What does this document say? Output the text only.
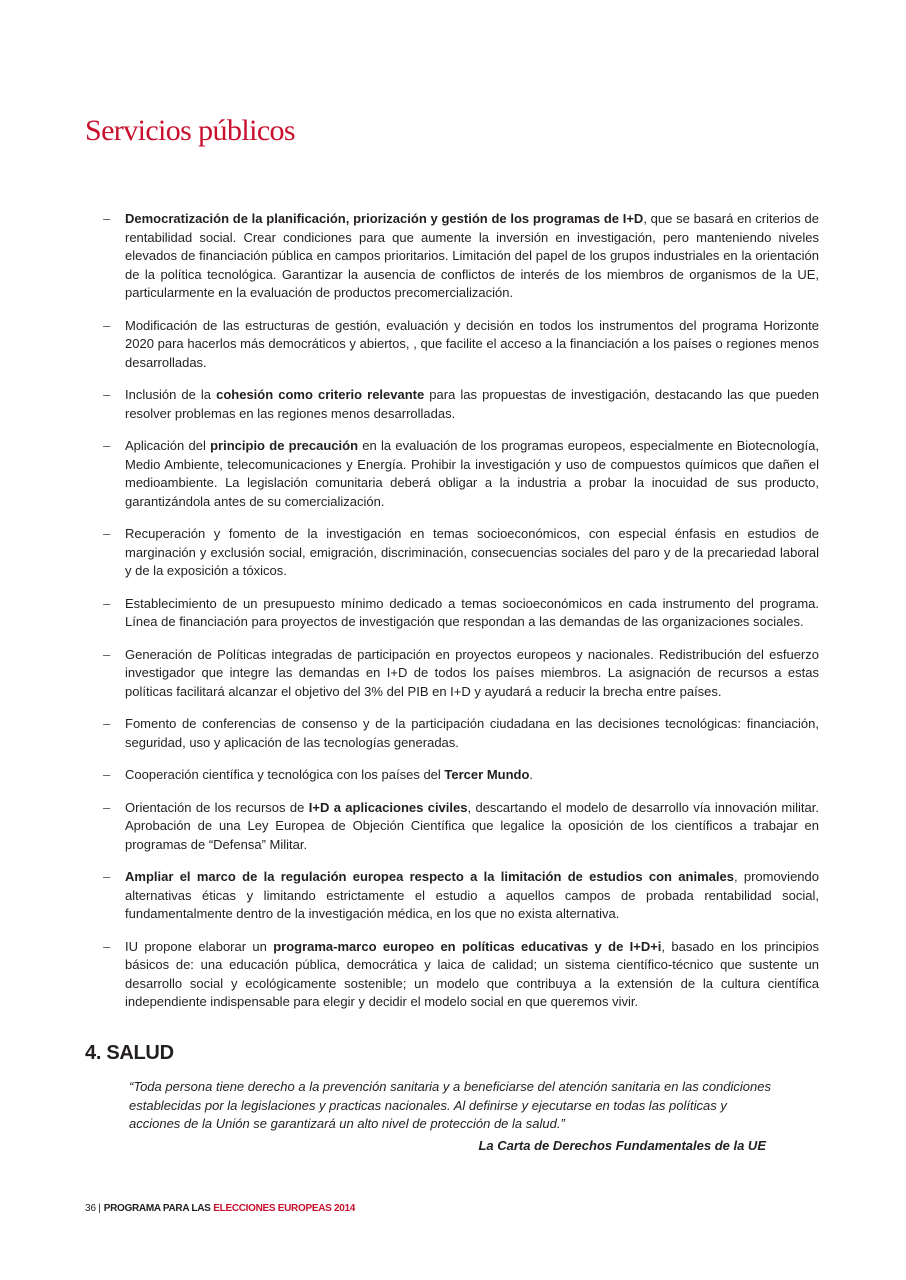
Servicios públicos
– Democratización de la planificación, priorización y gestión de los programas de I+D, que se basará en criterios de rentabilidad social. Crear condiciones para que aumente la inversión en investigación, pero manteniendo niveles elevados de financiación pública en campos prioritarios. Limitación del papel de los grupos industriales en la orientación de la política tecnológica. Garantizar la ausencia de conflictos de interés de los miembros de organismos de la UE, particularmente en la evaluación de productos precomercialización.
– Modificación de las estructuras de gestión, evaluación y decisión en todos los instrumentos del programa Horizonte 2020 para hacerlos más democráticos y abiertos, , que facilite el acceso a la financiación a los países o regiones menos desarrolladas.
– Inclusión de la cohesión como criterio relevante para las propuestas de investigación, destacando las que pueden resolver problemas en las regiones menos desarrolladas.
– Aplicación del principio de precaución en la evaluación de los programas europeos, especialmente en Biotecnología, Medio Ambiente, telecomunicaciones y Energía. Prohibir la investigación y uso de compuestos químicos que dañen el medioambiente. La legislación comunitaria deberá obligar a la industria a probar la inocuidad de sus producto, garantizándola antes de su comercialización.
– Recuperación y fomento de la investigación en temas socioeconómicos, con especial énfasis en estudios de marginación y exclusión social, emigración, discriminación, consecuencias sociales del paro y de la precariedad laboral y de la exposición a tóxicos.
– Establecimiento de un presupuesto mínimo dedicado a temas socioeconómicos en cada instrumento del programa. Línea de financiación para proyectos de investigación que respondan a las demandas de las organizaciones sociales.
– Generación de Políticas integradas de participación en proyectos europeos y nacionales. Redistribución del esfuerzo investigador que integre las demandas en I+D de todos los países miembros. La asignación de recursos a estas políticas facilitará alcanzar el objetivo del 3% del PIB en I+D y ayudará a reducir la brecha entre países.
– Fomento de conferencias de consenso y de la participación ciudadana en las decisiones tecnológicas: financiación, seguridad, uso y aplicación de las tecnologías generadas.
– Cooperación científica y tecnológica con los países del Tercer Mundo.
– Orientación de los recursos de I+D a aplicaciones civiles, descartando el modelo de desarrollo vía innovación militar. Aprobación de una Ley Europea de Objeción Científica que legalice la oposición de los científicos a trabajar en programas de “Defensa” Militar.
– Ampliar el marco de la regulación europea respecto a la limitación de estudios con animales, promoviendo alternativas éticas y limitando estrictamente el estudio a aquellos campos de probada rentabilidad social, fundamentalmente dentro de la investigación médica, en los que no exista alternativa.
– IU propone elaborar un programa-marco europeo en políticas educativas y de I+D+i, basado en los principios básicos de: una educación pública, democrática y laica de calidad; un sistema científico-técnico que sustente un desarrollo social y ecológicamente sostenible; un modelo que contribuya a la extensión de la cultura científica independiente indispensable para elegir y decidir el modelo social en que queremos vivir.
4. SALUD

“Toda persona tiene derecho a la prevención sanitaria y a beneficiarse del atención sanitaria en las condiciones establecidas por la legislaciones y practicas nacionales. Al definirse y ejecutarse en todas las políticas y acciones de la Unión se garantizará un alto nivel de protección de la salud.”

La Carta de Derechos Fundamentales de la UE

36 | PROGRAMA PARA LAS ELECCIONES EUROPEAS 2014
